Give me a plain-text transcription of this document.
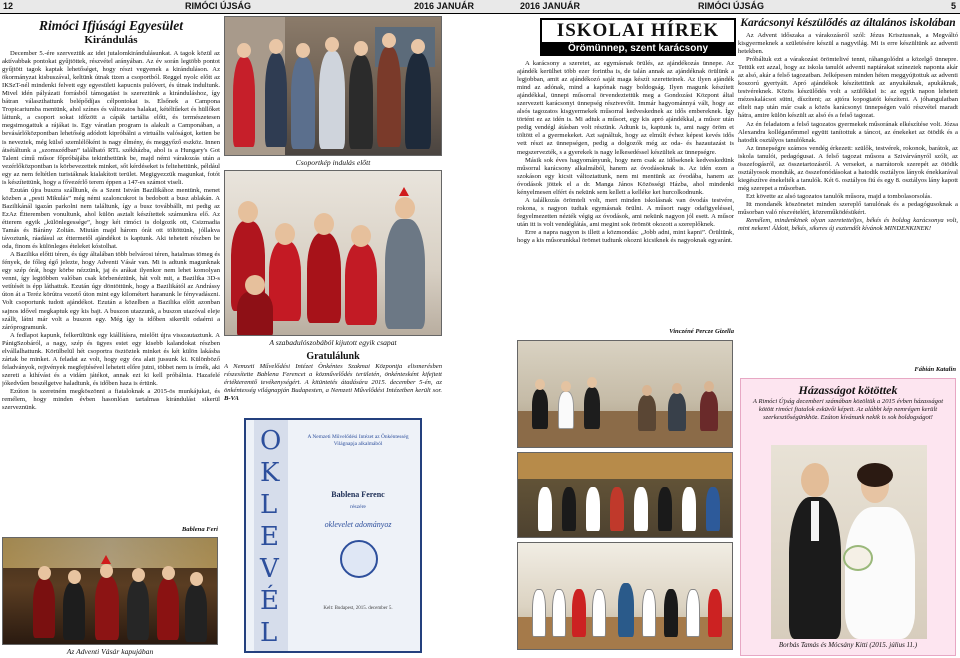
12	RIMÓCI ÚJSÁG	2016 JANUÁR
Rimóci Ifjúsági Egyesület
Kirándulás

December 5.-ére szerveztük az idei jutalomkirándulásunkat. A tagok közül az aktívabbak pontokat gyűjtöttek, részvétel arányában. Az év során legtöbb pontot gyűjtött tagok kaptak lehetőséget, hogy részt vegyenek a kiránduláson. Az ökormányzat kisbuszával, keltünk útnak tizen a csoportból. Reggel nyolc előtt az IKSzT-nél mindenki felvett egy egyesületi kapucnis pulóvert, és útnak indultunk. Mivel idén pályázati forrásból támogatást is szereztünk a kiránduláshoz, így bátran választhattunk belépődíjas célpontokat is. Elsőnek a Campona Tropicariumba mentünk, ahol színes és változatos halakat, kétéltűeket és hüllőket láttunk, a csoport sokat időzött a cápák tartália előtt, és természetesen megsimogattuk a rájákat is. Egy váratlan program is alakult a Camponában, a bevásárlóközpontban lehetőség adódott kipróbálni a virtuális valóságot, ketten be is neveztek, még külső szemlélőként is nagy élmény, és meggyőző eszköz. Innen átsétáltunk a „szomszédban” található RTL székházba, ahol is a Hungary's Got Talent című műsor főpróbájába tekinthettünk be, majd némi várakozás után a vezérlőközpontban is körbevezettek minket, sőt kérdéseket is feltehettünk, például egy az nem feltétlen turistáknak kialakított terület. Megigyezzük magunkat, fotót is készítettünk, hogy a fővezérlő terem éppen a 147-es számot viseli.

Ezután újra buszra szálltunk, és a Szent István Bazilikához mentünk, menet közben a „pesti Mikulás” még némi szaloncukrot is bedobott a busz ablakán. A Bazilikánál igazán parkolni nem találtunk, így a busz továbbállt, mi pedig az EzAz Étteremben vonultunk, ahol külön asztalt készítettek számunkra elő. Az étterem egyik „különlegessége”, hogy két rimóci is dolgozik ott, Csizmadia Tamás és Bárány Zoltán. Miután majd három órát ott töltöttünk, jóllakva távoztunk, ráadásul az éttermetől ajándékot is kaptunk. Aki tehetett részben be oda, finom és különleges ételeket kóstolhat.

A Bazilika előtti téren, és úgy általában több belvárosi téren, hatalmas tömeg és fények, de főleg égő jelezte, hogy Adventi Vásár van. Mi is adtunk magunknak egy szép órát, hogy körbe nézzünk, jaj és arákat ilyenkor nem lehet komolyan venni, így legtöbben valóban csak körbenéztünk, hát volt mit, a Bazilika 3D-s vetítését is épp láthattuk. Ezután úgy döntöttünk, hogy a Bazilikától az Andrássy úton át a Teréz körútra vezető úton mint egy kilométert haranunk le fényvadászni. Volt csoportunk tudott ajándékot. Ezután a közelben a Bazilika előtt azonban sajnos idővel megkaptuk egy kis bajt. A buszon utazzunk, a buszon utazóval eleje szállt, látni már volt a buszon egy. Még így is időben sikerült odaérni a záróprogramunk.

A fedlapot kapunk, felkerültünk egy kiállításra, mielőtt újra visszautaztunk. A PánigSzobáról, a nagy, szép és ügyes estet egy kisebb kalandokat részben elvállalhattunk. Körülbelül hét csoportra ösztöztek minket és két külön lakásba zártak be minket. A feladat az volt, hogy egy óra alatt jussunk ki. Különböző feladványok, rejtvények megfejtésével lehetett előre jutni, többet nem is írnék, aki szereti a kihívást és a vidám játékot, annak ezt ki kell próbálnia. Hazafelé jókedvűen beszélgetve haladtunk, és időben haza is értünk.

Ezúton is szeretném megköszönni a fiataloknak a 2015-ös munkájukat, és remélem, hogy minden évben hasonlóan tartalmas kirándulást sikerül szerveznünk.

Bablena Feri
Az Adventi Vásár kapujában
Csoportkép indulás előtt
A szabadulószobából kijutott egyik csapat
Gratulálunk
A Nemzeti Művelődési Intézet Önkéntes Szakmai Központja elismerésben részesítette Bablena Ferencet a közművelődés területén, önkéntesként kifejtett értékteremtő tevékenységért. A kitüntetés átadására 2015. december 5-én, az önkéntesség világnapján Budapesten, a Nemzeti Művelődési Intézetben került sor. B-VA
O
K
L
E
V
É
L
A Nemzeti Művelődési Intézet az Önkéntesség Világnapja alkalmából
Bablena Ferenc
részére
oklevelet adományoz
Kelt: Budapest, 2015. december 5.
2016 JANUÁR	RIMÓCI ÚJSÁG	5
ISKOLAI HÍREK
Örömünnep, szent karácsony

A karácsony a szeretet, az egymásnak örülés, az ajándékozás ünnepe. Az ajándék kerülhet több ezer forintba is, de talán annak az ajándéknak örülünk a legjobban, amit az ajándékozó saját maga készít szeretteinek. Az ilyen ajándék mind az adónak, mind a kapónak nagy boldogság. Ilyen magunk készített ajándékkal, ünnepi műsorral örvendeztettük meg a Gondozási Központ által szervezett karácsonyi ünnepség résztvevőit. Immár hagyománnyá vált, hogy az alsós tagozatos kisgyermekek műsorral kedveskednek az idős embereknek. Így történt ez az idén is. Mi adtuk a műsort, egy kis apró ajándékkal, a műsor után pedig vendégl átásban volt részünk. Adtunk is, kaptunk is, ami nagy öröm et töltött el a gyermekeket. Azt sajnáltuk, hogy az elmúlt évhez képest kevés idős vett részt az ünnepségen, pedig a dolgozók még az oda- és hazautazást is megszervezték, s a gyerekek is nagy lelkesedéssel készültek az ünnepségre.

Másik sok éves hagyományunk, hogy nem csak az időseknek kedveskedünk műsorral karácsony alkalmából, hanem az óvodásoknak is. Az idén ezen a szokáson egy kicsit változtattunk, nem mi mentünk az óvodába, hanem az óvodások jöttek el a dr. Manga János Közösségi Házba, ahol mindenki kényelmesen elfért és nekünk sem kellett a kelléke ket hurcolkodnunk.

A találkozás örömteli volt, mert minden iskolásnak van óvodás testvére, rokona, s nagyon tudtak egymásnak örülni. A műsort nagy odafigyeléssel, fegyelmezetten nézték végig az óvodások, ami nekünk nagyon jól esett. A műsor után itt is volt vendéglátás, ami megint sok örömöt okozott a szereplőknek.

Erre a napra nagyon is illett a közmondás: „Jobb adni, mint kapni”. Örültünk, hogy a kis műsorunkkal örömet tudtunk okozni kicsiknek és nagyoknak egyaránt.

Vinczéné Percze Gizella
Karácsonyi készülődés az általános iskolában

Az Advent időszaka a várakozásról szól: Jézus Krisztusnak, a Megváltó kisgyermeknek a születésére készül a nagyvilág. Mi is erre készültünk az adventi hetekben.

Próbáltuk ezt a várakozást örömtelivé tenni, ráhangolódni a közelgő ünnepre. Tettük ezt azzal, hogy az iskola tanulói adventi naptárakat színeztek napontа akár az alsó, akár a felső tagozatban. Jelképesen minden héten meggyújtottuk az adventi koszorú gyertyáit. Apró ajándékok készítettünk az anyukáknak, apukáknak, testvéreknek. Közös készülődés volt a szülőkkel is: az egyik napon lehetett mézeskalácsot sütni, díszíteni; az ajtóra kopogtatót készíteni. A jóhangulatban eltelt nap után már csak a közös karácsonyi ünnepségen való részvétel maradt hátra, amire külön készült az alsó és a felső tagozat.

Az én feladatom a felső tagozatos gyermekek műsorának elkészítése volt. Józsa Alexandra kolléganőmmel együtt tanítottuk a táncot, az énekeket az ötödik és a hatodik osztályos tanulóknak.

Az ünnepségre számos vendég érkezett: szülők, testvérek, rokonok, barátok, az iskola tanulói, pedagógusai. A felső tagozat műsora a Szivárványról szólt, az összefogásról, az összetartozásról. A verseket, a narrátorok szerepét az ötödik osztályosok mondták, az összefonódásokat a hatodik osztályos lányok énekkarával kiegészítve énekelték a tanulók. Két 6. osztályos fiú és egy 8. osztályos lány kapott még szerepet a műsorban.

Ezt követte az alsó tagozatos tanulók műsora, majd a tombolasorsolás.

Itt mondanék köszönetet minden szereplő tanulónak és a pedagógusoknak a műsorban való részvételért, közreműködésükért.

Remélem, mindenkinek olyan szeretetteljes, békés és boldog karácsonya volt, mint nekem! Áldott, békés, sikeres új esztendőt kívánok MINDENKINEK!

Fábián Katalin
Házasságot kötöttek
A Rimóci Újság decemberi számában közöltük a 2015 évben házasságot kötött rimóci fiatalok esküvői képeit. Az alábbi kép nemrégen került szerkesztőségünkhöz. Ezúton kívánunk nekik is sok boldogságot!
Borbás Tamás és Mócsány Kitti (2015. július 11.)
